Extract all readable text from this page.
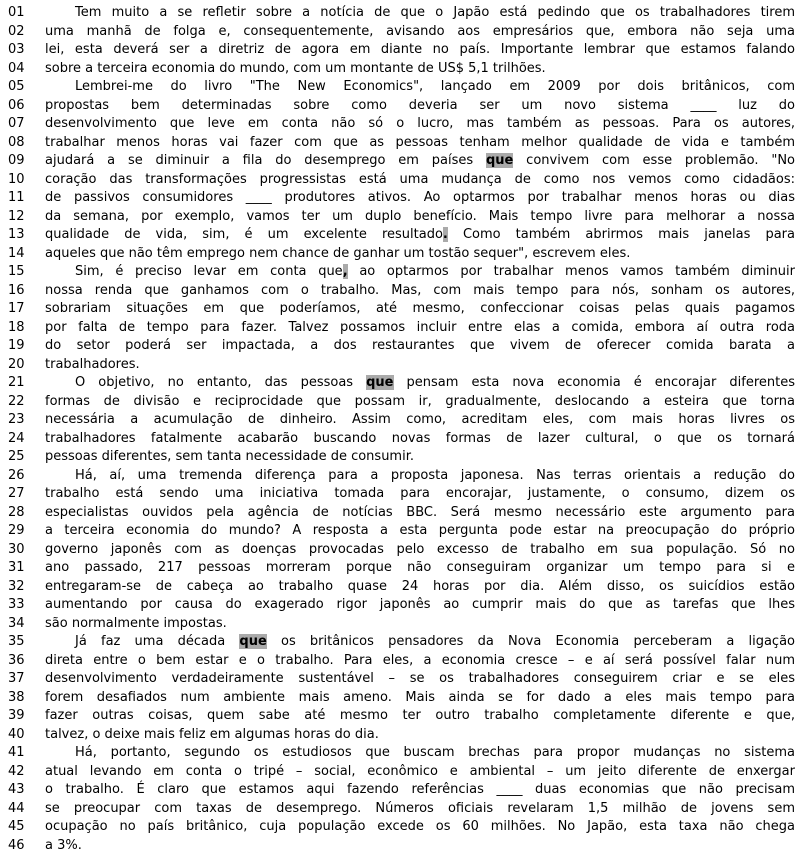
01	Tem muito a se refletir sobre a notícia de que o Japão está pedindo que os trabalhadores tirem
02	uma manhã de folga e, consequentemente, avisando aos empresários que, embora não seja uma
03	lei, esta deverá ser a diretriz de agora em diante no país. Importante lembrar que estamos falando
04	sobre a terceira economia do mundo, com um montante de US$ 5,1 trilhões.
05	Lembrei-me do livro "The New Economics", lançado em 2009 por dois britânicos, com
06	propostas bem determinadas sobre como deveria ser um novo sistema ____ luz do
07	desenvolvimento que leve em conta não só o lucro, mas também as pessoas. Para os autores,
08	trabalhar menos horas vai fazer com que as pessoas tenham melhor qualidade de vida e também
09	ajudará a se diminuir a fila do desemprego em países que convivem com esse problemão. "No
10	coração das transformações progressistas está uma mudança de como nos vemos como cidadãos:
11	de passivos consumidores ____ produtores ativos. Ao optarmos por trabalhar menos horas ou dias
12	da semana, por exemplo, vamos ter um duplo benefício. Mais tempo livre para melhorar a nossa
13	qualidade de vida, sim, é um excelente resultado. Como também abrirmos mais janelas para
14	aqueles que não têm emprego nem chance de ganhar um tostão sequer", escrevem eles.
15	Sim, é preciso levar em conta que, ao optarmos por trabalhar menos vamos também diminuir
16	nossa renda que ganhamos com o trabalho. Mas, com mais tempo para nós, sonham os autores,
17	sobrariam situações em que poderíamos, até mesmo, confeccionar coisas pelas quais pagamos
18	por falta de tempo para fazer. Talvez possamos incluir entre elas a comida, embora aí outra roda
19	do setor poderá ser impactada, a dos restaurantes que vivem de oferecer comida barata a
20	trabalhadores.
21	O objetivo, no entanto, das pessoas que pensam esta nova economia é encorajar diferentes
22	formas de divisão e reciprocidade que possam ir, gradualmente, deslocando a esteira que torna
23	necessária a acumulação de dinheiro. Assim como, acreditam eles, com mais horas livres os
24	trabalhadores fatalmente acabarão buscando novas formas de lazer cultural, o que os tornará
25	pessoas diferentes, sem tanta necessidade de consumir.
26	Há, aí, uma tremenda diferença para a proposta japonesa. Nas terras orientais a redução do
27	trabalho está sendo uma iniciativa tomada para encorajar, justamente, o consumo, dizem os
28	especialistas ouvidos pela agência de notícias BBC. Será mesmo necessário este argumento para
29	a terceira economia do mundo? A resposta a esta pergunta pode estar na preocupação do próprio
30	governo japonês com as doenças provocadas pelo excesso de trabalho em sua população. Só no
31	ano passado, 217 pessoas morreram porque não conseguiram organizar um tempo para si e
32	entregaram-se de cabeça ao trabalho quase 24 horas por dia. Além disso, os suicídios estão
33	aumentando por causa do exagerado rigor japonês ao cumprir mais do que as tarefas que lhes
34	são normalmente impostas.
35	Já faz uma década que os britânicos pensadores da Nova Economia perceberam a ligação
36	direta entre o bem estar e o trabalho. Para eles, a economia cresce – e aí será possível falar num
37	desenvolvimento verdadeiramente sustentável – se os trabalhadores conseguirem criar e se eles
38	forem desafiados num ambiente mais ameno. Mais ainda se for dado a eles mais tempo para
39	fazer outras coisas, quem sabe até mesmo ter outro trabalho completamente diferente e que,
40	talvez, o deixe mais feliz em algumas horas do dia.
41	Há, portanto, segundo os estudiosos que buscam brechas para propor mudanças no sistema
42	atual levando em conta o tripé – social, econômico e ambiental – um jeito diferente de enxergar
43	o trabalho. É claro que estamos aqui fazendo referências ____ duas economias que não precisam
44	se preocupar com taxas de desemprego. Números oficiais revelaram 1,5 milhão de jovens sem
45	ocupação no país britânico, cuja população excede os 60 milhões. No Japão, esta taxa não chega
46	a 3%.
